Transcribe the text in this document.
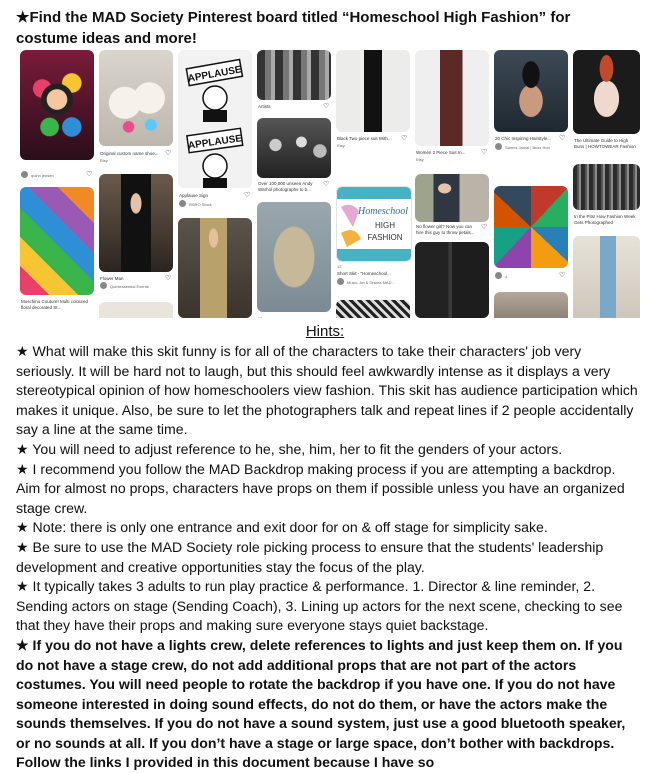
★Find the MAD Society Pinterest board titled “Homeschool High Fashion” for costume ideas and more!
quinn jensen	♡
Moschino Couture! Multi coloured floral decorated St...
Original custom name shoe...
Etsy
♡
Flower Man
Quintessential Events
♡
APPLAUSE
APPLAUSE
Applause Sign
RSRO Stock
♡
Artists	♡
Over 100,000 unseen Andy Warhol photographs to b...
♡
…
Black Two piece suit With...
Etsy
♡
Homeschool
HIGH
FASHION
12
Short Skit - "Homeschool...
Music, Art & Drama MAD...
Women 2 Piece Suit In...
Etsy
♡
No flower girl? Now you can hire this guy to throw petals...
♡
20 Chic Inspiring Hairstyle...
Sammi Jamal | Buzz Hon
♡
4	♡
The Ultimate Guide to High Buns | HOWTOWEAR Fashion
In the Pits! How Fashion Week Gets Photographed
Hints:

★ What will make this skit funny is for all of the characters to take their characters' job very seriously. It will be hard not to laugh, but this should feel awkwardly intense as it displays a very stereotypical opinion of how homeschoolers view fashion. This skit has audience participation which makes it unique. Also, be sure to let the photographers talk and repeat lines if 2 people accidentally say a line at the same time.

★ You will need to adjust reference to he, she, him, her to fit the genders of your actors.

★ I recommend you follow the MAD Backdrop making process if you are attempting a backdrop. Aim for almost no props, characters have props on them if possible unless you have an organized stage crew.

★ Note: there is only one entrance and exit door for on & off stage for simplicity sake.

★ Be sure to use the MAD Society role picking process to ensure that the students' leadership development and creative opportunities stay the focus of the play.

★ It typically takes 3 adults to run play practice & performance. 1. Director & line reminder, 2. Sending actors on stage (Sending Coach), 3. Lining up actors for the next scene, checking to see that they have their props and making sure everyone stays quiet backstage.

★ If you do not have a lights crew, delete references to lights and just keep them on. If you do not have a stage crew, do not add additional props that are not part of the actors costumes. You will need people to rotate the backdrop if you have one. If you do not have someone interested in doing sound effects, do not do them, or have the actors make the sounds themselves. If you do not have a sound system, just use a good bluetooth speaker, or no sounds at all. If you don’t have a stage or large space, don’t bother with backdrops. Follow the links I provided in this document because I have so
